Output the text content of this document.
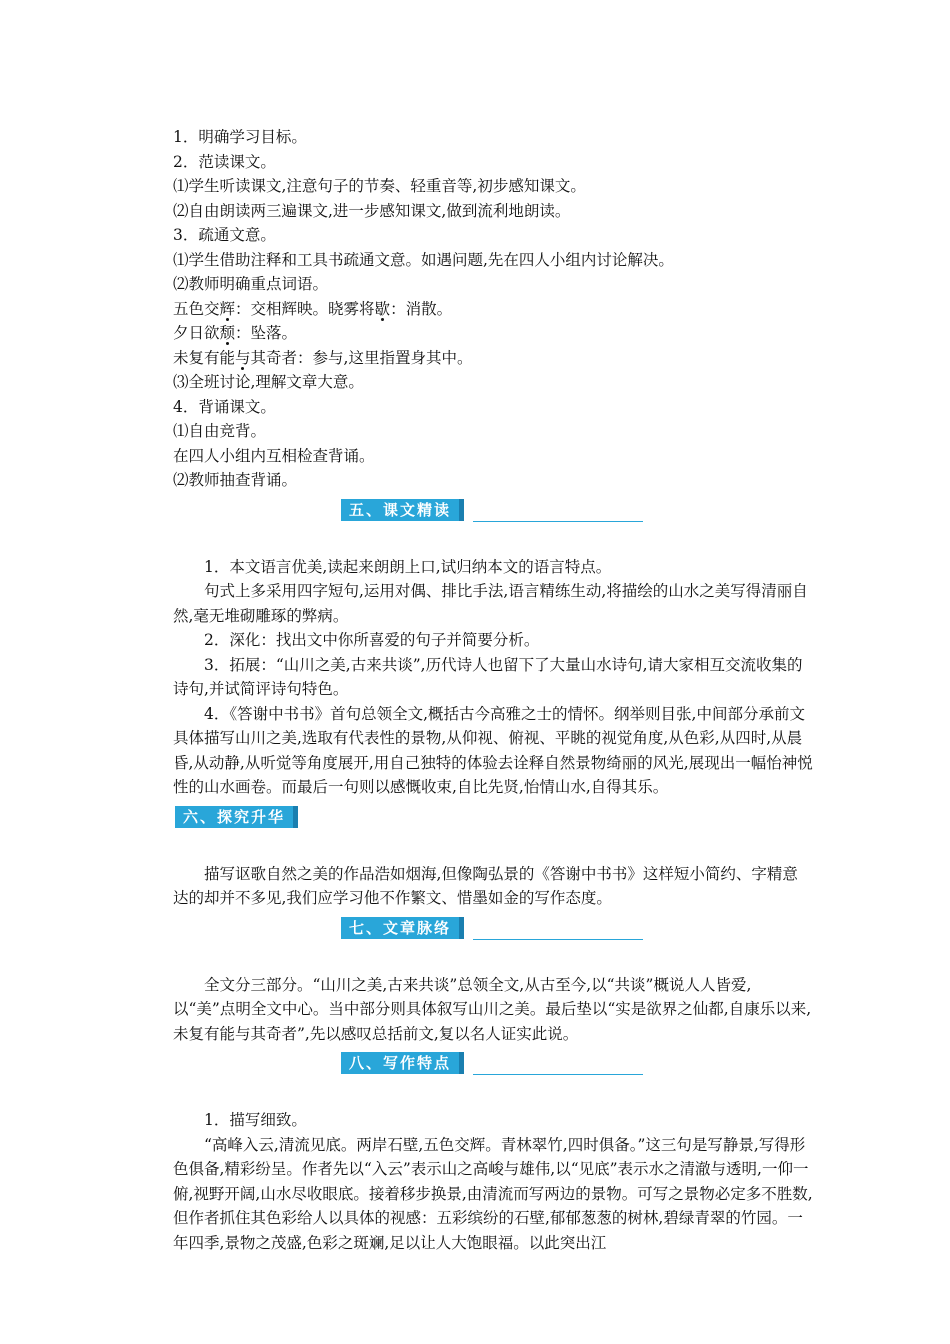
1．明确学习目标。

2．范读课文。

⑴学生听读课文,注意句子的节奏、轻重音等,初步感知课文。

⑵自由朗读两三遍课文,进一步感知课文,做到流利地朗读。

3．疏通文意。

⑴学生借助注释和工具书疏通文意。如遇问题,先在四人小组内讨论解决。

⑵教师明确重点词语。

五色交辉：交相辉映。晓雾将歇：消散。

夕日欲颓：坠落。

未复有能与其奇者：参与,这里指置身其中。

⑶全班讨论,理解文章大意。

4．背诵课文。

⑴自由竞背。

在四人小组内互相检查背诵。

⑵教师抽查背诵。

五、课文精读

1．本文语言优美,读起来朗朗上口,试归纳本文的语言特点。

句式上多采用四字短句,运用对偶、排比手法,语言精练生动,将描绘的山水之美写得清丽自然,毫无堆砌雕琢的弊病。

2．深化：找出文中你所喜爱的句子并简要分析。

3．拓展：“山川之美,古来共谈”,历代诗人也留下了大量山水诗句,请大家相互交流收集的诗句,并试简评诗句特色。

4．《答谢中书书》首句总领全文,概括古今高雅之士的情怀。纲举则目张,中间部分承前文具体描写山川之美,选取有代表性的景物,从仰视、俯视、平眺的视觉角度,从色彩,从四时,从晨昏,从动静,从听觉等角度展开,用自己独特的体验去诠释自然景物绮丽的风光,展现出一幅怡神悦性的山水画卷。而最后一句则以感慨收束,自比先贤,怡情山水,自得其乐。

六、探究升华

描写讴歌自然之美的作品浩如烟海,但像陶弘景的《答谢中书书》这样短小简约、字精意达的却并不多见,我们应学习他不作繁文、惜墨如金的写作态度。

七、文章脉络

全文分三部分。“山川之美,古来共谈”总领全文,从古至今,以“共谈”概说人人皆爱,以“美”点明全文中心。当中部分则具体叙写山川之美。最后垫以“实是欲界之仙都,自康乐以来,未复有能与其奇者”,先以感叹总括前文,复以名人证实此说。

八、写作特点

1．描写细致。

“高峰入云,清流见底。两岸石壁,五色交辉。青林翠竹,四时俱备。”这三句是写静景,写得形色俱备,精彩纷呈。作者先以“入云”表示山之高峻与雄伟,以“见底”表示水之清澈与透明,一仰一俯,视野开阔,山水尽收眼底。接着移步换景,由清流而写两边的景物。可写之景物必定多不胜数,但作者抓住其色彩给人以具体的视感：五彩缤纷的石壁,郁郁葱葱的树林,碧绿青翠的竹园。一年四季,景物之茂盛,色彩之斑斓,足以让人大饱眼福。以此突出江
